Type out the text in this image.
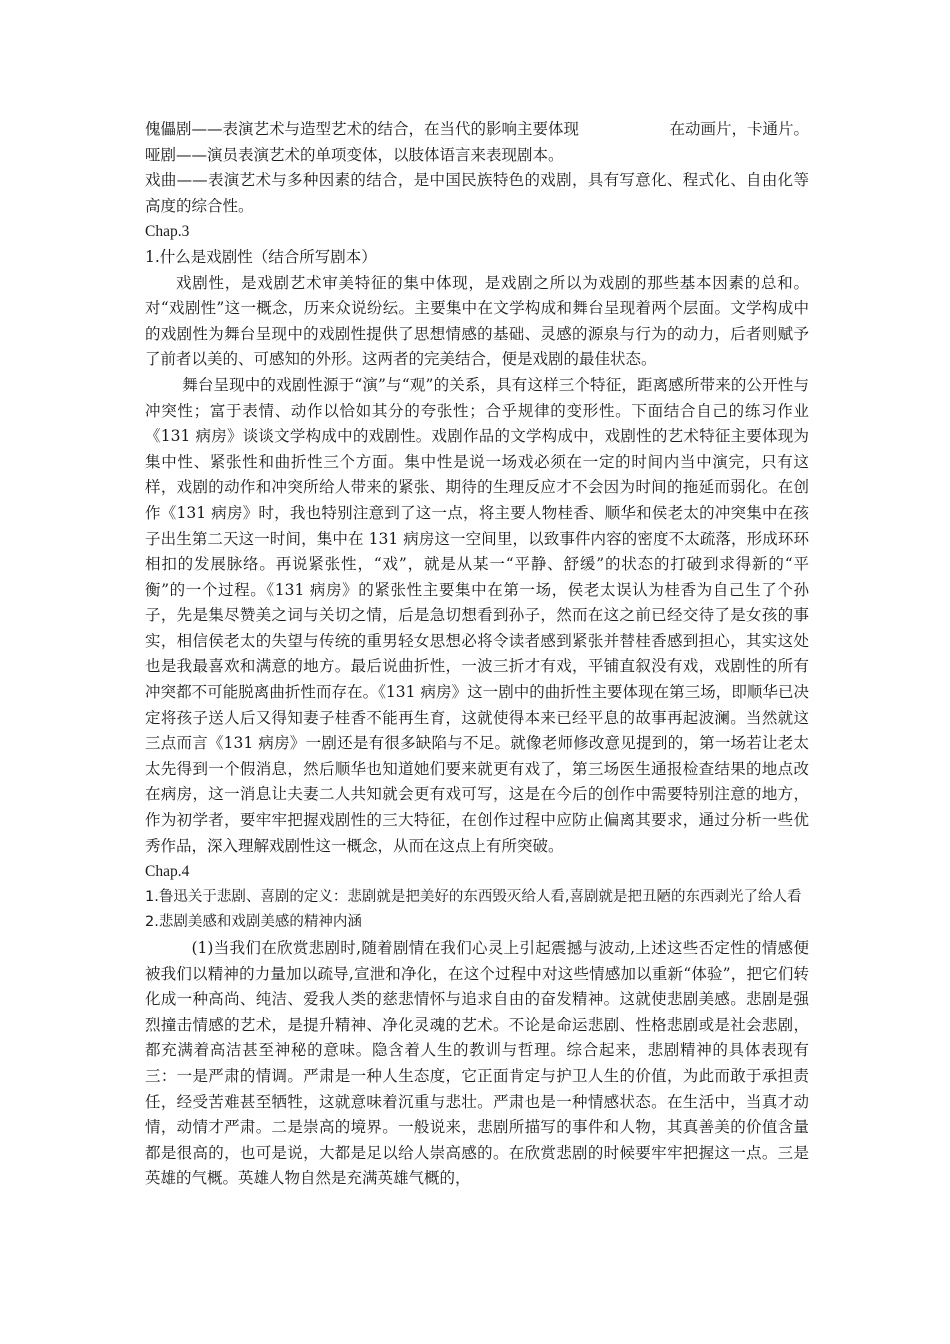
傀儡剧——表演艺术与造型艺术的结合，在当代的影响主要体现	在动画片，卡通片。

哑剧——演员表演艺术的单项变体，以肢体语言来表现剧本。

戏曲——表演艺术与多种因素的结合，是中国民族特色的戏剧，具有写意化、程式化、自由化等高度的综合性。

Chap.3

1.什么是戏剧性（结合所写剧本）

戏剧性，是戏剧艺术审美特征的集中体现，是戏剧之所以为戏剧的那些基本因素的总和。对“戏剧性”这一概念，历来众说纷纭。主要集中在文学构成和舞台呈现着两个层面。文学构成中的戏剧性为舞台呈现中的戏剧性提供了思想情感的基础、灵感的源泉与行为的动力，后者则赋予了前者以美的、可感知的外形。这两者的完美结合，便是戏剧的最佳状态。

舞台呈现中的戏剧性源于“演”与“观”的关系，具有这样三个特征，距离感所带来的公开性与冲突性；富于表情、动作以恰如其分的夸张性；合乎规律的变形性。下面结合自己的练习作业《131 病房》谈谈文学构成中的戏剧性。戏剧作品的文学构成中，戏剧性的艺术特征主要体现为集中性、紧张性和曲折性三个方面。集中性是说一场戏必须在一定的时间内当中演完，只有这样，戏剧的动作和冲突所给人带来的紧张、期待的生理反应才不会因为时间的拖延而弱化。在创作《131 病房》时，我也特别注意到了这一点，将主要人物桂香、顺华和侯老太的冲突集中在孩子出生第二天这一时间，集中在 131 病房这一空间里，以致事件内容的密度不太疏落，形成环环相扣的发展脉络。再说紧张性，“戏”，就是从某一“平静、舒缓”的状态的打破到求得新的“平衡”的一个过程。《131 病房》的紧张性主要集中在第一场，侯老太误认为桂香为自己生了个孙子，先是集尽赞美之词与关切之情，后是急切想看到孙子，然而在这之前已经交待了是女孩的事实，相信侯老太的失望与传统的重男轻女思想必将令读者感到紧张并替桂香感到担心，其实这处也是我最喜欢和满意的地方。最后说曲折性，一波三折才有戏，平铺直叙没有戏，戏剧性的所有冲突都不可能脱离曲折性而存在。《131 病房》这一剧中的曲折性主要体现在第三场，即顺华已决定将孩子送人后又得知妻子桂香不能再生育，这就使得本来已经平息的故事再起波澜。当然就这三点而言《131 病房》一剧还是有很多缺陷与不足。就像老师修改意见提到的，第一场若让老太太先得到一个假消息，然后顺华也知道她们要来就更有戏了，第三场医生通报检查结果的地点改在病房，这一消息让夫妻二人共知就会更有戏可写，这是在今后的创作中需要特别注意的地方，作为初学者，要牢牢把握戏剧性的三大特征，在创作过程中应防止偏离其要求，通过分析一些优秀作品，深入理解戏剧性这一概念，从而在这点上有所突破。

Chap.4

1.鲁迅关于悲剧、喜剧的定义：悲剧就是把美好的东西毁灭给人看,喜剧就是把丑陋的东西剥光了给人看

2.悲剧美感和戏剧美感的精神内涵

(1)当我们在欣赏悲剧时,随着剧情在我们心灵上引起震撼与波动,上述这些否定性的情感便被我们以精神的力量加以疏导,宣泄和净化，在这个过程中对这些情感加以重新“体验”，把它们转化成一种高尚、纯洁、爱我人类的慈悲情怀与追求自由的奋发精神。这就使悲剧美感。悲剧是强烈撞击情感的艺术，是提升精神、净化灵魂的艺术。不论是命运悲剧、性格悲剧或是社会悲剧，都充满着高洁甚至神秘的意味。隐含着人生的教训与哲理。综合起来，悲剧精神的具体表现有三：一是严肃的情调。严肃是一种人生态度，它正面肯定与护卫人生的价值，为此而敢于承担责任，经受苦难甚至牺牲，这就意味着沉重与悲壮。严肃也是一种情感状态。在生活中，当真才动情，动情才严肃。二是崇高的境界。一般说来，悲剧所描写的事件和人物，其真善美的价值含量都是很高的，也可是说，大都是足以给人崇高感的。在欣赏悲剧的时候要牢牢把握这一点。三是英雄的气概。英雄人物自然是充满英雄气概的，
